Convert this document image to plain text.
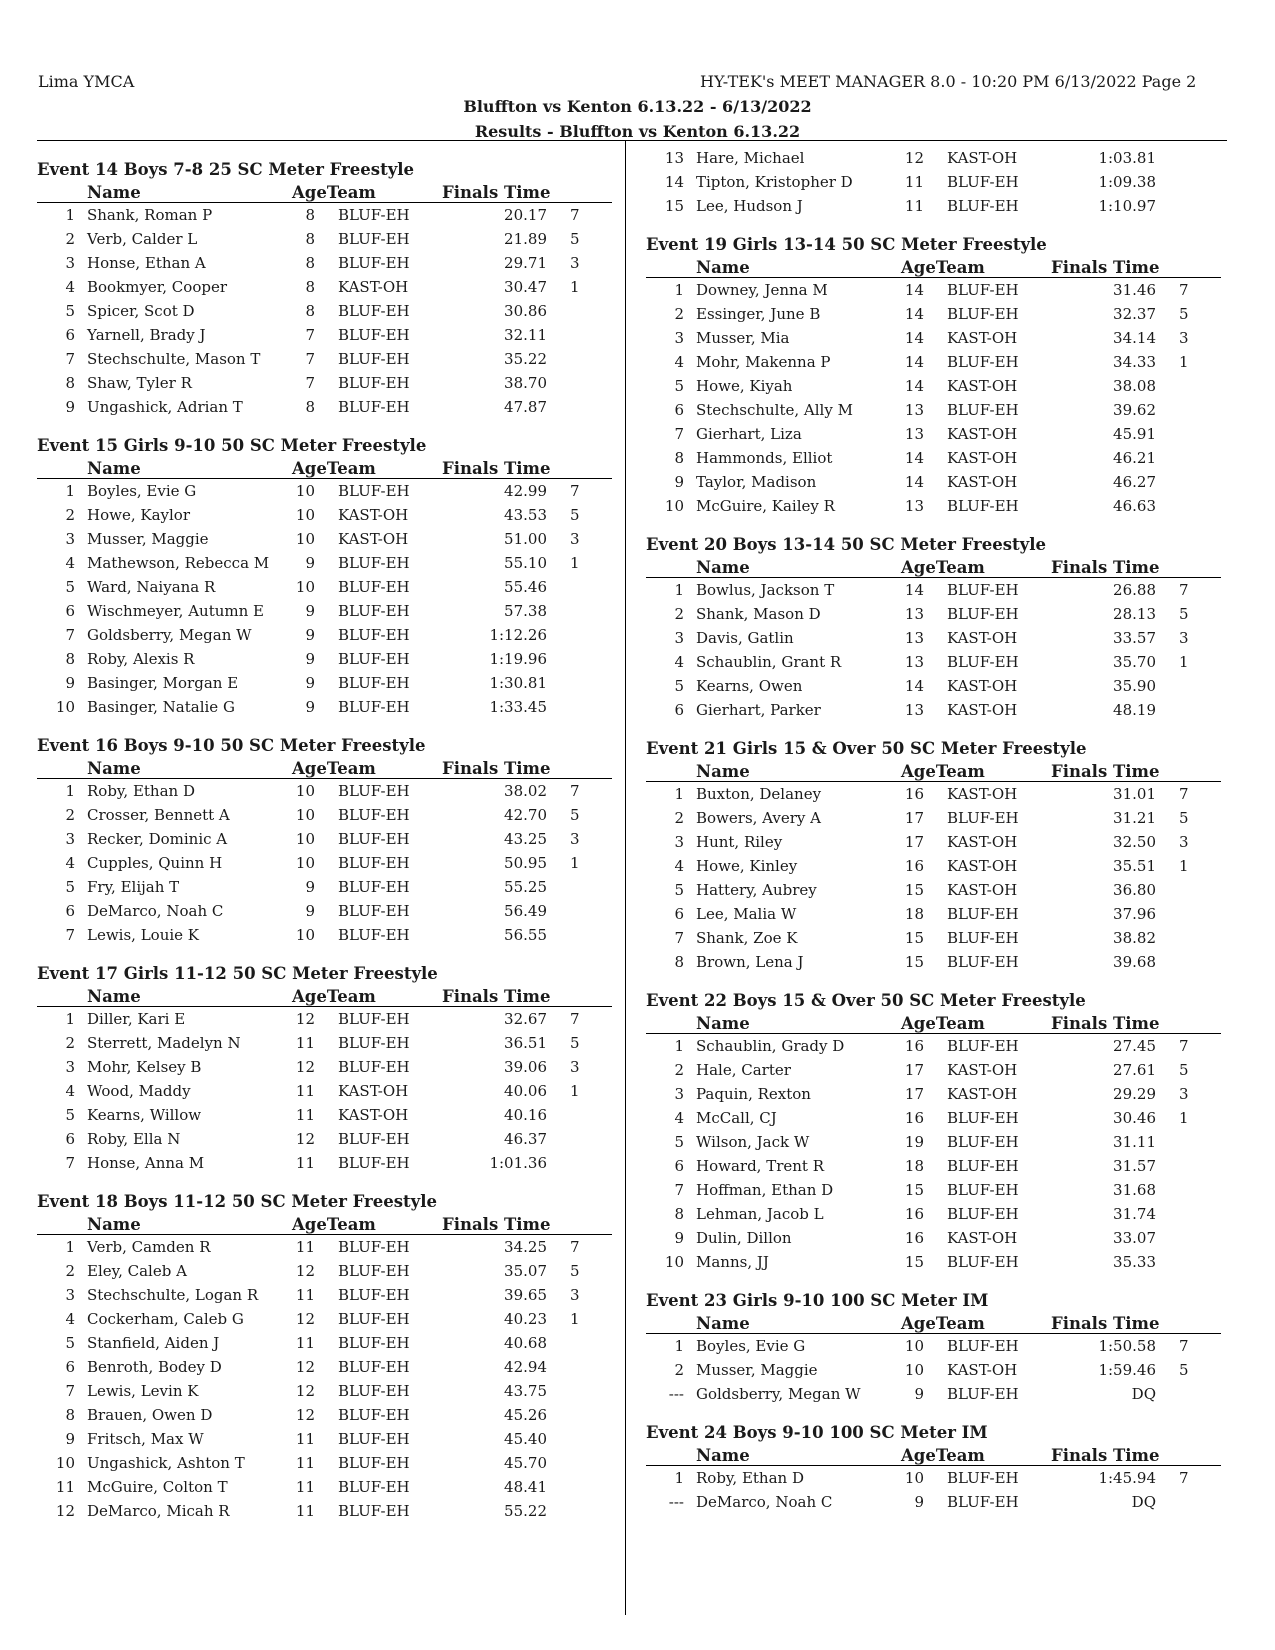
Lima YMCA	HY-TEK's MEET MANAGER 8.0 - 10:20 PM 6/13/2022 Page 2
Bluffton vs Kenton 6.13.22 - 6/13/2022
Results - Bluffton vs Kenton 6.13.22
Event 14 Boys 7-8 25 SC Meter Freestyle
Name	AgeTeam	Finals Time
1 Shank, Roman P	8 BLUF-EH	20.17 7
2 Verb, Calder L	8 BLUF-EH	21.89 5
3 Honse, Ethan A	8 BLUF-EH	29.71 3
4 Bookmyer, Cooper	8 KAST-OH	30.47 1
5 Spicer, Scot D	8 BLUF-EH	30.86
6 Yarnell, Brady J	7 BLUF-EH	32.11
7 Stechschulte, Mason T	7 BLUF-EH	35.22
8 Shaw, Tyler R	7 BLUF-EH	38.70
9 Ungashick, Adrian T	8 BLUF-EH	47.87
Event 15 Girls 9-10 50 SC Meter Freestyle
Name	AgeTeam	Finals Time
1 Boyles, Evie G	10 BLUF-EH	42.99 7
2 Howe, Kaylor	10 KAST-OH	43.53 5
3 Musser, Maggie	10 KAST-OH	51.00 3
4 Mathewson, Rebecca M	9 BLUF-EH	55.10 1
5 Ward, Naiyana R	10 BLUF-EH	55.46
6 Wischmeyer, Autumn E	9 BLUF-EH	57.38
7 Goldsberry, Megan W	9 BLUF-EH	1:12.26
8 Roby, Alexis R	9 BLUF-EH	1:19.96
9 Basinger, Morgan E	9 BLUF-EH	1:30.81
10 Basinger, Natalie G	9 BLUF-EH	1:33.45
Event 16 Boys 9-10 50 SC Meter Freestyle
Name	AgeTeam	Finals Time
1 Roby, Ethan D	10 BLUF-EH	38.02 7
2 Crosser, Bennett A	10 BLUF-EH	42.70 5
3 Recker, Dominic A	10 BLUF-EH	43.25 3
4 Cupples, Quinn H	10 BLUF-EH	50.95 1
5 Fry, Elijah T	9 BLUF-EH	55.25
6 DeMarco, Noah C	9 BLUF-EH	56.49
7 Lewis, Louie K	10 BLUF-EH	56.55
Event 17 Girls 11-12 50 SC Meter Freestyle
Name	AgeTeam	Finals Time
1 Diller, Kari E	12 BLUF-EH	32.67 7
2 Sterrett, Madelyn N	11 BLUF-EH	36.51 5
3 Mohr, Kelsey B	12 BLUF-EH	39.06 3
4 Wood, Maddy	11 KAST-OH	40.06 1
5 Kearns, Willow	11 KAST-OH	40.16
6 Roby, Ella N	12 BLUF-EH	46.37
7 Honse, Anna M	11 BLUF-EH	1:01.36
Event 18 Boys 11-12 50 SC Meter Freestyle
Name	AgeTeam	Finals Time
1 Verb, Camden R	11 BLUF-EH	34.25 7
2 Eley, Caleb A	12 BLUF-EH	35.07 5
3 Stechschulte, Logan R	11 BLUF-EH	39.65 3
4 Cockerham, Caleb G	12 BLUF-EH	40.23 1
5 Stanfield, Aiden J	11 BLUF-EH	40.68
6 Benroth, Bodey D	12 BLUF-EH	42.94
7 Lewis, Levin K	12 BLUF-EH	43.75
8 Brauen, Owen D	12 BLUF-EH	45.26
9 Fritsch, Max W	11 BLUF-EH	45.40
10 Ungashick, Ashton T	11 BLUF-EH	45.70
11 McGuire, Colton T	11 BLUF-EH	48.41
12 DeMarco, Micah R	11 BLUF-EH	55.22
13 Hare, Michael	12 KAST-OH	1:03.81
14 Tipton, Kristopher D	11 BLUF-EH	1:09.38
15 Lee, Hudson J	11 BLUF-EH	1:10.97
Event 19 Girls 13-14 50 SC Meter Freestyle
Name	AgeTeam	Finals Time
1 Downey, Jenna M	14 BLUF-EH	31.46 7
2 Essinger, June B	14 BLUF-EH	32.37 5
3 Musser, Mia	14 KAST-OH	34.14 3
4 Mohr, Makenna P	14 BLUF-EH	34.33 1
5 Howe, Kiyah	14 KAST-OH	38.08
6 Stechschulte, Ally M	13 BLUF-EH	39.62
7 Gierhart, Liza	13 KAST-OH	45.91
8 Hammonds, Elliot	14 KAST-OH	46.21
9 Taylor, Madison	14 KAST-OH	46.27
10 McGuire, Kailey R	13 BLUF-EH	46.63
Event 20 Boys 13-14 50 SC Meter Freestyle
Name	AgeTeam	Finals Time
1 Bowlus, Jackson T	14 BLUF-EH	26.88 7
2 Shank, Mason D	13 BLUF-EH	28.13 5
3 Davis, Gatlin	13 KAST-OH	33.57 3
4 Schaublin, Grant R	13 BLUF-EH	35.70 1
5 Kearns, Owen	14 KAST-OH	35.90
6 Gierhart, Parker	13 KAST-OH	48.19
Event 21 Girls 15 & Over 50 SC Meter Freestyle
Name	AgeTeam	Finals Time
1 Buxton, Delaney	16 KAST-OH	31.01 7
2 Bowers, Avery A	17 BLUF-EH	31.21 5
3 Hunt, Riley	17 KAST-OH	32.50 3
4 Howe, Kinley	16 KAST-OH	35.51 1
5 Hattery, Aubrey	15 KAST-OH	36.80
6 Lee, Malia W	18 BLUF-EH	37.96
7 Shank, Zoe K	15 BLUF-EH	38.82
8 Brown, Lena J	15 BLUF-EH	39.68
Event 22 Boys 15 & Over 50 SC Meter Freestyle
Name	AgeTeam	Finals Time
1 Schaublin, Grady D	16 BLUF-EH	27.45 7
2 Hale, Carter	17 KAST-OH	27.61 5
3 Paquin, Rexton	17 KAST-OH	29.29 3
4 McCall, CJ	16 BLUF-EH	30.46 1
5 Wilson, Jack W	19 BLUF-EH	31.11
6 Howard, Trent R	18 BLUF-EH	31.57
7 Hoffman, Ethan D	15 BLUF-EH	31.68
8 Lehman, Jacob L	16 BLUF-EH	31.74
9 Dulin, Dillon	16 KAST-OH	33.07
10 Manns, JJ	15 BLUF-EH	35.33
Event 23 Girls 9-10 100 SC Meter IM
Name	AgeTeam	Finals Time
1 Boyles, Evie G	10 BLUF-EH	1:50.58 7
2 Musser, Maggie	10 KAST-OH	1:59.46 5
--- Goldsberry, Megan W	9 BLUF-EH	DQ
Event 24 Boys 9-10 100 SC Meter IM
Name	AgeTeam	Finals Time
1 Roby, Ethan D	10 BLUF-EH	1:45.94 7
--- DeMarco, Noah C	9 BLUF-EH	DQ
